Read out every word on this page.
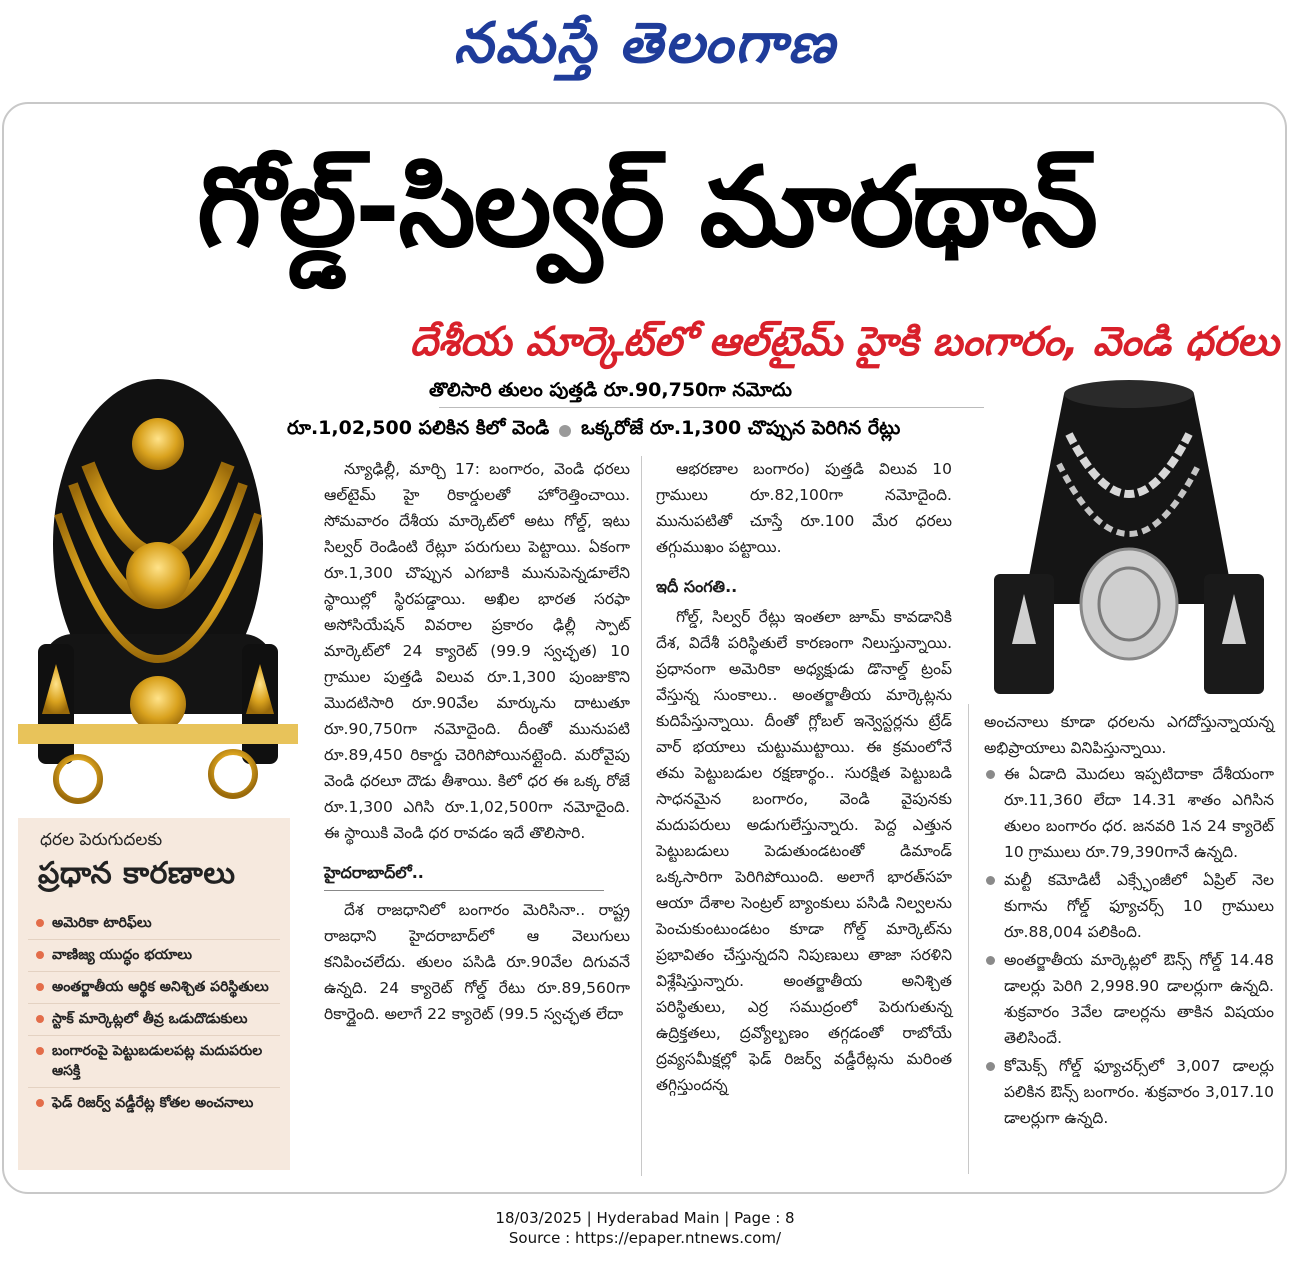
నమస్తే తెలంగాణ
గోల్డ్-సిల్వర్ మారథాన్
దేశీయ మార్కెట్‌లో ఆల్‌టైమ్ హైకి బంగారం, వెండి ధరలు
తొలిసారి తులం పుత్తడి రూ.90,750గా నమోదు
రూ.1,02,500 పలికిన కిలో వెండి ఒక్కరోజే రూ.1,300 చొప్పున పెరిగిన రేట్లు
ధరల పెరుగుదలకు
ప్రధాన కారణాలు
అమెరికా టారిఫ్‌లు
వాణిజ్య యుద్ధం భయాలు
అంతర్జాతీయ ఆర్థిక అనిశ్చిత పరిస్థితులు
స్టాక్ మార్కెట్లలో తీవ్ర ఒడుదొడుకులు
బంగారంపై పెట్టుబడులపట్ల మదుపరుల ఆసక్తి
ఫెడ్ రిజర్వ్ వడ్డీరేట్ల కోతల అంచనాలు

న్యూఢిల్లీ, మార్చి 17: బంగారం, వెండి ధరలు ఆల్‌టైమ్ హై రికార్డులతో హోరెత్తించాయి. సోమవారం దేశీయ మార్కెట్‌లో అటు గోల్డ్, ఇటు సిల్వర్ రెండింటి రేట్లూ పరుగులు పెట్టాయి. ఏకంగా రూ.1,300 చొప్పున ఎగబాకి మునుపెన్నడూలేని స్థాయిల్లో స్థిరపడ్డాయి. అఖిల భారత సరఫా అసోసియేషన్ వివరాల ప్రకారం ఢిల్లీ స్పాట్ మార్కెట్‌లో 24 క్యారెట్ (99.9 స్వచ్ఛత) 10 గ్రాముల పుత్తడి విలువ రూ.1,300 పుంజుకొని మొదటిసారి రూ.90వేల మార్కును దాటుతూ రూ.90,750గా నమోదైంది. దీంతో మునుపటి రూ.89,450 రికార్డు చెరిగిపోయినట్లైంది. మరోవైపు వెండి ధరలూ దౌడు తీశాయి. కిలో ధర ఈ ఒక్క రోజే రూ.1,300 ఎగిసి రూ.1,02,500గా నమోదైంది. ఈ స్థాయికి వెండి ధర రావడం ఇదే తొలిసారి.

హైదరాబాద్‌లో..

దేశ రాజధానిలో బంగారం మెరిసినా.. రాష్ట్ర రాజధాని హైదరాబాద్‌లో ఆ వెలుగులు కనిపించలేదు. తులం పసిడి రూ.90వేల దిగువనే ఉన్నది. 24 క్యారెట్ గోల్డ్ రేటు రూ.89,560గా రికార్డైంది. అలాగే 22 క్యారెట్ (99.5 స్వచ్ఛత లేదా

ఆభరణాల బంగారం) పుత్తడి విలువ 10 గ్రాములు రూ.82,100గా నమోదైంది. మునుపటితో చూస్తే రూ.100 మేర ధరలు తగ్గుముఖం పట్టాయి.

ఇదీ సంగతి..

గోల్డ్, సిల్వర్ రేట్లు ఇంతలా జూమ్ కావడానికి దేశ, విదేశీ పరిస్థితులే కారణంగా నిలుస్తున్నాయి. ప్రధానంగా అమెరికా అధ్యక్షుడు డొనాల్డ్ ట్రంప్ వేస్తున్న సుంకాలు.. అంతర్జాతీయ మార్కెట్లను కుదిపేస్తున్నాయి. దీంతో గ్లోబల్ ఇన్వెస్టర్లను ట్రేడ్ వార్ భయాలు చుట్టుముట్టాయి. ఈ క్రమంలోనే తమ పెట్టుబడుల రక్షణార్థం.. సురక్షిత పెట్టుబడి సాధనమైన బంగారం, వెండి వైపునకు మదుపరులు అడుగులేస్తున్నారు. పెద్ద ఎత్తున పెట్టుబడులు పెడుతుండటంతో డిమాండ్ ఒక్కసారిగా పెరిగిపోయింది. అలాగే భారత్‌సహ ఆయా దేశాల సెంట్రల్ బ్యాంకులు పసిడి నిల్వలను పెంచుకుంటుండటం కూడా గోల్డ్ మార్కెట్‌ను ప్రభావితం చేస్తున్నదని నిపుణులు తాజా సరళిని విశ్లేషిస్తున్నారు. అంతర్జాతీయ అనిశ్చిత పరిస్థితులు, ఎర్ర సముద్రంలో పెరుగుతున్న ఉద్రిక్తతలు, ద్రవ్యోల్బణం తగ్గడంతో రాబోయే ద్రవ్యసమీక్షల్లో ఫెడ్ రిజర్వ్ వడ్డీరేట్లను మరింత తగ్గిస్తుందన్న

అంచనాలు కూడా ధరలను ఎగదోస్తున్నాయన్న అభిప్రాయాలు వినిపిస్తున్నాయి.

ఈ ఏడాది మొదలు ఇప్పటిదాకా దేశీయంగా రూ.11,360 లేదా 14.31 శాతం ఎగిసిన తులం బంగారం ధర. జనవరి 1న 24 క్యారెట్ 10 గ్రాములు రూ.79,390గానే ఉన్నది.
మల్టీ కమోడిటీ ఎక్స్ఛేంజీలో ఏప్రిల్ నెల కుగాను గోల్డ్ ఫ్యూచర్స్ 10 గ్రాములు రూ.88,004 పలికింది.
అంతర్జాతీయ మార్కెట్లలో ఔన్స్ గోల్డ్ 14.48 డాలర్లు పెరిగి 2,998.90 డాలర్లుగా ఉన్నది. శుక్రవారం 3వేల డాలర్లను తాకిన విషయం తెలిసిందే.
కోమెక్స్ గోల్డ్ ఫ్యూచర్స్‌లో 3,007 డాలర్లు పలికిన ఔన్స్ బంగారం. శుక్రవారం 3,017.10 డాలర్లుగా ఉన్నది.
18/03/2025 | Hyderabad Main | Page : 8
Source : https://epaper.ntnews.com/
